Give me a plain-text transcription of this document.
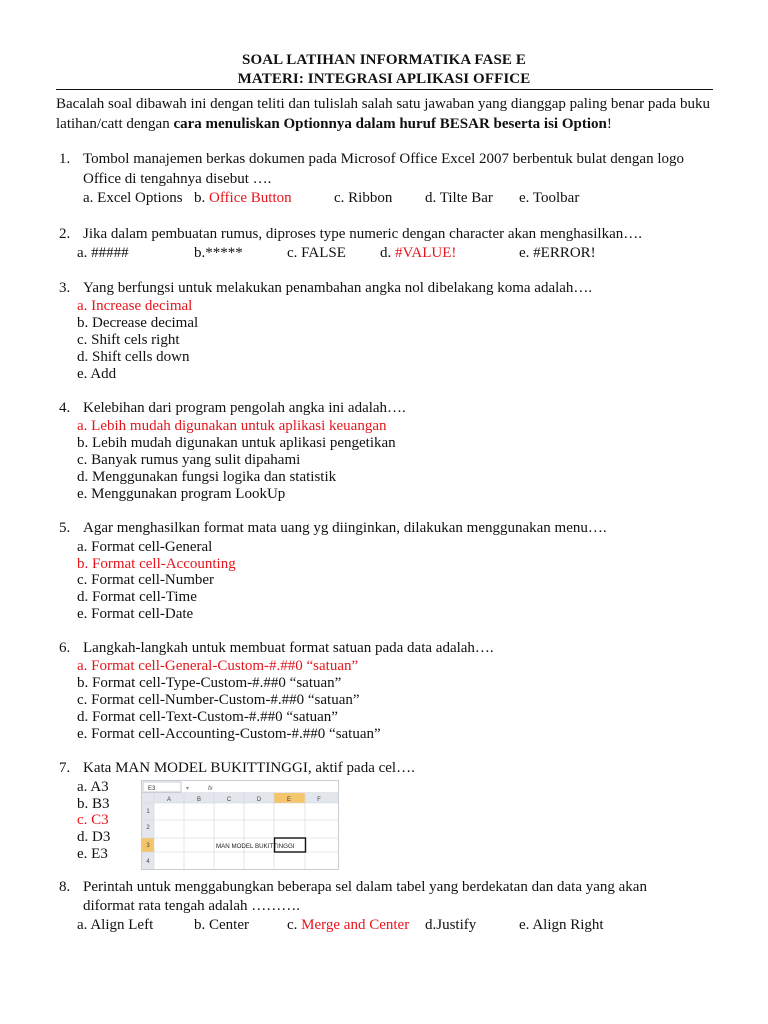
SOAL LATIHAN INFORMATIKA FASE E
MATERI: INTEGRASI APLIKASI OFFICE
Bacalah soal dibawah ini dengan teliti dan tulislah salah satu jawaban yang dianggap paling benar pada buku latihan/catt dengan cara menuliskan Optionnya dalam huruf BESAR beserta isi Option!
1. Tombol manajemen berkas dokumen pada Microsof Office Excel 2007 berbentuk bulat dengan logo
Office di tengahnya disebut ….
a. Excel Options b. Office Button	c. Ribbon d. Tilte Bar e. Toolbar
2. Jika dalam pembuatan rumus, diproses type numeric dengan character akan menghasilkan….
a. #####	b.*****	c. FALSE d. #VALUE!	e. #ERROR!
3. Yang berfungsi untuk melakukan penambahan angka nol dibelakang koma adalah….
a. Increase decimal
b. Decrease decimal
c. Shift cels right
d. Shift cells down
e. Add
4. Kelebihan dari program pengolah angka ini adalah….
a. Lebih mudah digunakan untuk aplikasi keuangan
b. Lebih mudah digunakan untuk aplikasi pengetikan
c. Banyak rumus yang sulit dipahami
d. Menggunakan fungsi logika dan statistik
e. Menggunakan program LookUp
5. Agar menghasilkan format mata uang yg diinginkan, dilakukan menggunakan menu….
a. Format cell-General
b. Format cell-Accounting
c. Format cell-Number
d. Format cell-Time
e. Format cell-Date
6. Langkah-langkah untuk membuat format satuan pada data adalah….
a. Format cell-General-Custom-#.##0 “satuan”
b. Format cell-Type-Custom-#.##0 “satuan”
c. Format cell-Number-Custom-#.##0 “satuan”
d. Format cell-Text-Custom-#.##0 “satuan”
e. Format cell-Accounting-Custom-#.##0 “satuan”
7. Kata MAN MODEL BUKITTINGGI, aktif pada cel….
a. A3
b. B3
c. C3
d. D3
e. E3
E3	▾	fx
A	B	C	D	E	F
1
2
3
4
MAN MODEL BUKITTINGGI
8. Perintah untuk menggabungkan beberapa sel dalam tabel yang berdekatan dan data yang akan
diformat rata tengah adalah ……….
a. Align Left	b. Center	c. Merge and Center d.Justify	e. Align Right
